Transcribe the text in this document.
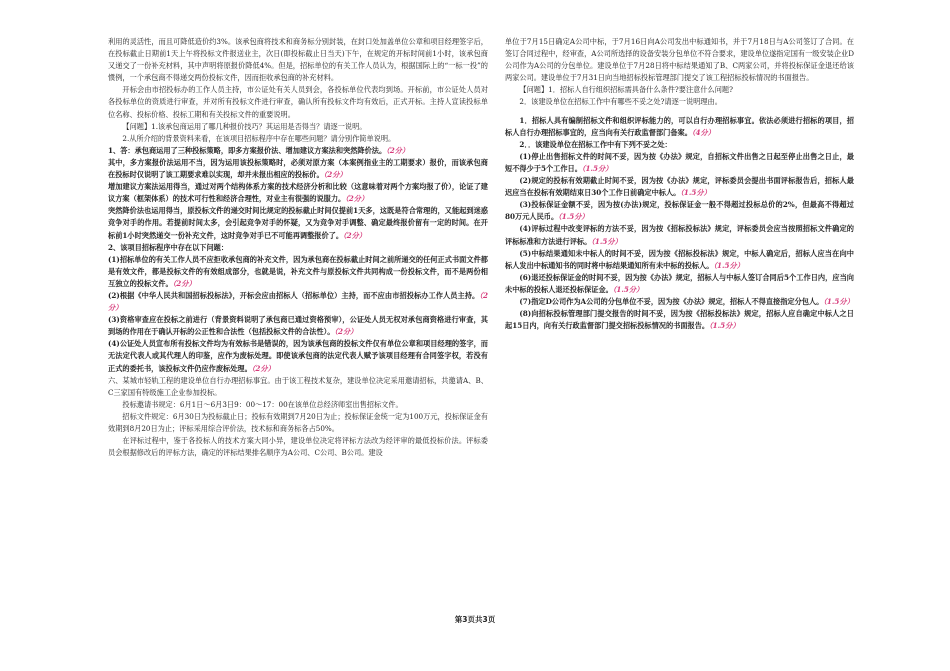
利用的灵活性，而且可降低造价约3%。该承包商将技术和商务标分别封装，在封口处加盖单位公章和项目经理签字后，在投标截止日期前1天上午将投标文件报送业主，次日(即投标截止日当天)下午，在规定的开标时间前1小时，该承包商又递交了一份补充材料，其中声明将原报价降低4%。但是，招标单位的有关工作人员认为，根据国际上的“一标一投”的惯例，一个承包商不得递交两份投标文件，因而拒收承包商的补充材料。

开标会由市招投标办的工作人员主持，市公证处有关人员到会，各投标单位代表均到场。开标前，市公证处人员对各投标单位的资质进行审查，并对所有投标文件进行审查，确认所有投标文件均有效后，正式开标。主持人宣读投标单位名称、投标价格、投标工期和有关投标文件的重要说明。

【问题】1.该承包商运用了哪几种报价技巧？其运用是否得当？请逐一说明。

2.从所介绍的背景资料来看，在该项目招标程序中存在哪些问题？请分别作简单说明。

1、答：承包商运用了三种投标策略，即多方案报价法、增加建议方案法和突然降价法。（2分）

其中，多方案报价法运用不当，因为运用该投标策略时，必须对原方案（本案例指业主的工期要求）报价，而该承包商在投标时仅说明了该工期要求难以实现，却并未报出相应的投标价。（2分）

增加建议方案法运用得当，通过对两个结构体系方案的技术经济分析和比较（这意味着对两个方案均报了价），论证了建议方案（框架体系）的技术可行性和经济合理性，对业主有很强的说服力。（2分）

突然降价法也运用得当，原投标文件的递交时间比规定的投标截止时间仅提前1天多，这既是符合常理的，又能起到迷惑竞争对手的作用。若提前时间太多，会引起竞争对手的怀疑，又为竞争对手调整、确定最终报价留有一定的时间。在开标前1小时突然递交一份补充文件，这时竞争对手已不可能再调整报价了。（2分）

2、该项目招标程序中存在以下问题：

(1)招标单位的有关工作人员不应拒收承包商的补充文件，因为承包商在投标截止时间之前所递交的任何正式书面文件都是有效文件，都是投标文件的有效组成部分，也就是说，补充文件与原投标文件共同构成一份投标文件，而不是两份相互独立的投标文件。（2分）

(2)根据《中华人民共和国招标投标法》，开标会应由招标人（招标单位）主持，而不应由市招投标办工作人员主持。（2分）

(3)资格审查应在投标之前进行（背景资料说明了承包商已通过资格预审），公证处人员无权对承包商资格进行审查，其到场的作用在于确认开标的公正性和合法性（包括投标文件的合法性）。（2分）

(4)公证处人员宣布所有投标文件均为有效标书是错误的，因为该承包商的投标文件仅有单位公章和项目经理的签字，而无法定代表人或其代理人的印鉴，应作为废标处理。即使该承包商的法定代表人赋予该项目经理有合同签字权，若没有正式的委托书，该投标文件仍应作废标处理。（2分）

六、某城市轻轨工程的建设单位自行办理招标事宜。由于该工程技术复杂，建设单位决定采用邀请招标，共邀请A、B、C三家国有特级施工企业参加投标。

投标邀请书规定：6月1日～6月3日9：00～17：00在该单位总经济师室出售招标文件。

招标文件规定：6月30日为投标截止日；投标有效期到7月20日为止；投标保证金统一定为100万元，投标保证金有效期到8月20日为止；评标采用综合评价法，技术标和商务标各占50%。

在评标过程中，鉴于各投标人的技术方案大同小异，建设单位决定将评标方法改为经评审的最低投标价法。评标委员会根据修改后的评标方法，确定的评标结果排名顺序为A公司、C公司、B公司。建设

单位于7月15日确定A公司中标，于7月16日向A公司发出中标通知书，并于7月18日与A公司签订了合同。在签订合同过程中，经审查，A公司所选择的设备安装分包单位不符合要求，建设单位遂指定国有一级安装企业D公司作为A公司的分包单位。建设单位于7月28日将中标结果通知了B、C两家公司，并将投标保证金退还给该两家公司。建设单位于7月31日向当地招标投标管理部门提交了该工程招标投标情况的书面报告。

【问题】1．招标人自行组织招标需具备什么条件?要注意什么问题?

2．该建设单位在招标工作中有哪些不妥之处?请逐一说明理由。

1．招标人具有编制招标文件和组织评标能力的，可以自行办理招标事宜。依法必须进行招标的项目，招标人自行办理招标事宜的，应当向有关行政监督部门备案。（4分）

2．．该建设单位在招标工作中有下列不妥之处：

(1)停止出售招标文件的时间不妥，因为按《办法》规定，自招标文件出售之日起至停止出售之日止，最短不得少于5个工作日。（1.5分）

(2)规定的投标有效期截止时间不妥，因为按《办法》规定，评标委员会提出书面评标报告后，招标人最迟应当在投标有效期结束日30个工作日前确定中标人。（1.5分）

(3)投标保证金额不妥，因为按(办法)规定，投标保证金一般不得超过投标总价的2%，但最高不得超过80万元人民币。（1.5分）

(4)评标过程中改变评标的方法不妥，因为按《招标投标法》规定，评标委员会应当按照招标文件确定的评标标准和方法进行评标。（1.5分）

(5)中标结果通知未中标人的时间不妥，因为按《招标投标法》规定，中标人确定后，招标人应当在向中标人发出中标通知书的同时将中标结果通知所有未中标的投标人。（1.5分）

(6)退还投标保证金的时间不妥，因为按《办法》规定，招标人与中标人签订合同后5个工作日内，应当向未中标的投标人退还投标保证金。（1.5分）

(7)指定D公司作为A公司的分包单位不妥，因为按《办法》规定，招标人不得直接指定分包人。（1.5分）

(8)向招标投标管理部门提交报告的时间不妥，因为按《招标投标法》规定，招标人应自确定中标人之日起15日内，向有关行政监督部门提交招标投标情况的书面报告。（1.5分）

第3页共3页
